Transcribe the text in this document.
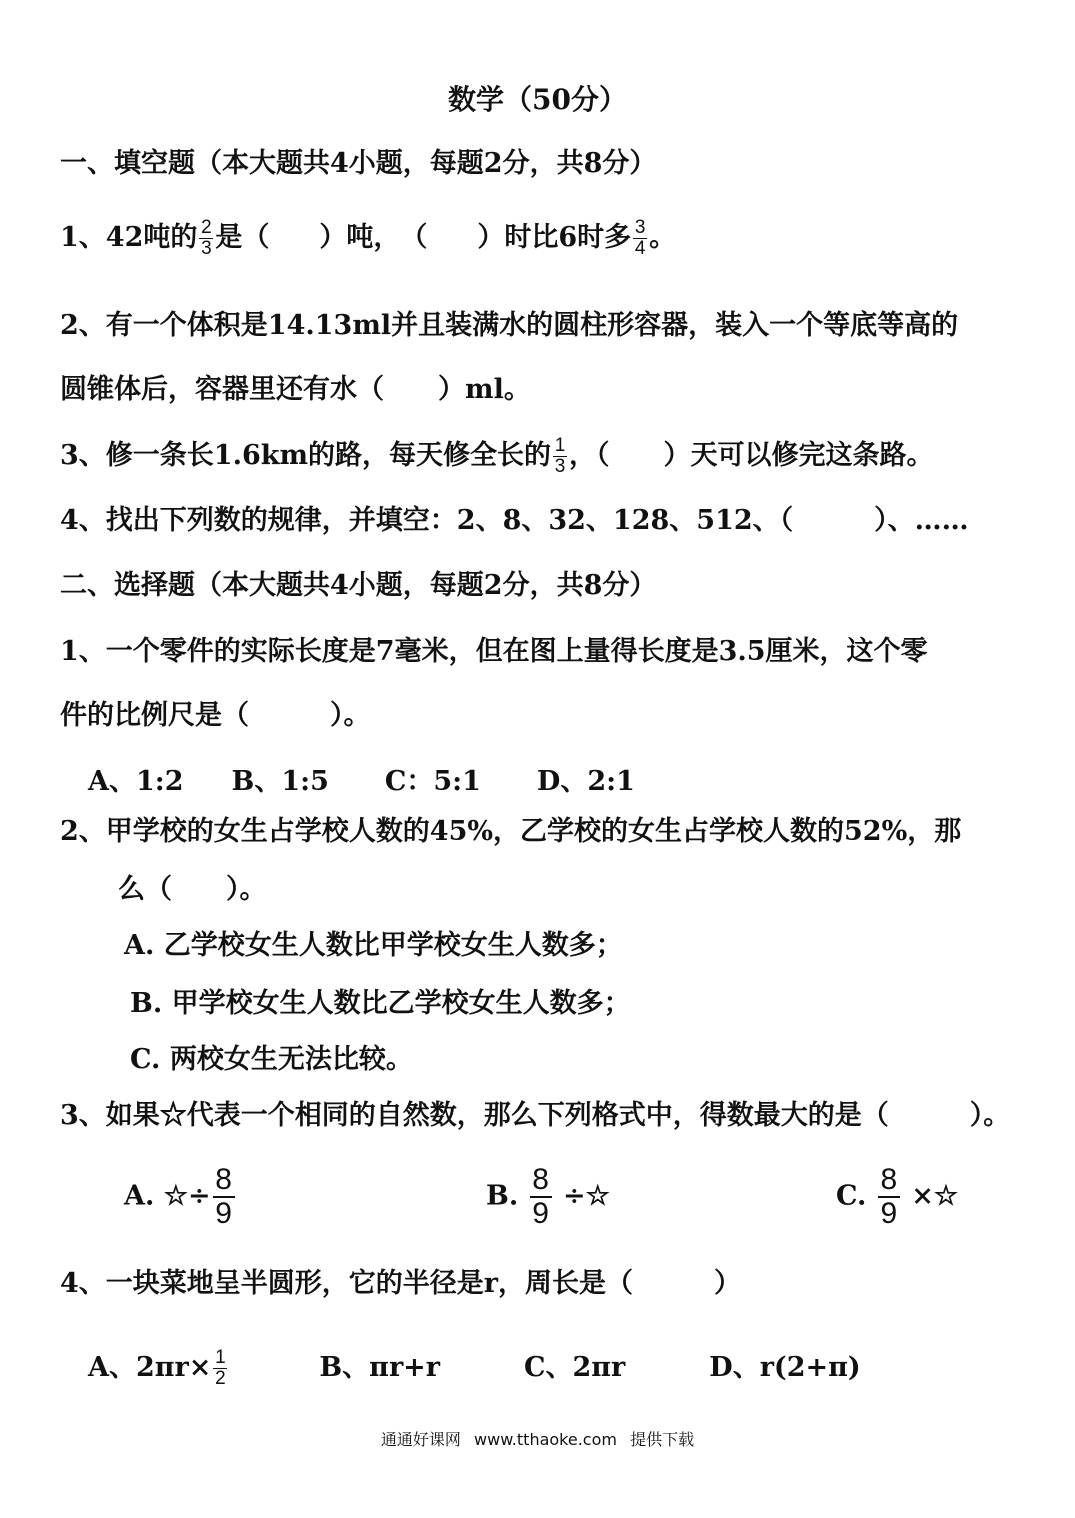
数学（50分）
一、填空题（本大题共4小题，每题2分，共8分）
1、42吨的 $\frac{2}{3}$ 是（ ）吨，　（ ）时比6时多 $\frac{3}{4}$ 。
2、有一个体积是14.13ml并且装满水的圆柱形容器，装入一个等底等高的
圆锥体后，容器里还有水（　　）ml。
3、修一条长1.6km的路，每天修全长的 $\frac{1}{3}$ ，（　　）天可以修完这条路。
4、找出下列数的规律，并填空：2、8、32、128、512、（　　　）、……
二、选择题（本大题共4小题，每题2分，共8分）
1、一个零件的实际长度是7毫米，但在图上量得长度是3.5厘米，这个零
件的比例尺是（　　　）。
A、1:2 B、1:5 C：5:1 D、2:1
2、甲学校的女生占学校人数的45%，乙学校的女生占学校人数的52%，那
么（　　）。
A. 乙学校女生人数比甲学校女生人数多；
B. 甲学校女生人数比乙学校女生人数多；
C. 两校女生无法比较。
3、如果☆代表一个相同的自然数，那么下列格式中，得数最大的是（　　　）。
A. ☆÷ $\frac{8}{9}$	B. $\frac{8}{9}$ ÷☆	C. $\frac{8}{9}$ ×☆
4、一块菜地呈半圆形，它的半径是r，周长是（　　　）
A、$2\pi r\times \frac{1}{2}$	B、πr+r	C、2πr	D、r(2+π)
通通好课网 www.tthaoke.com 提供下载
